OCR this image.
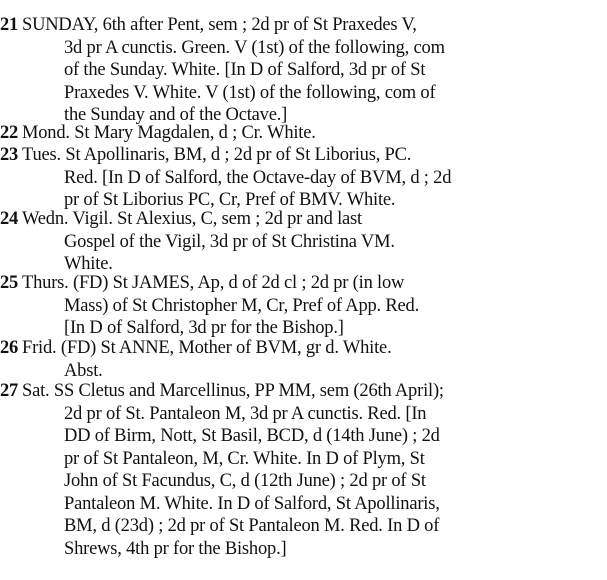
21 SUNDAY, 6th after Pent, sem ; 2d pr of St Praxedes V,
3d pr A cunctis. Green. V (1st) of the following, com
of the Sunday. White. [In D of Salford, 3d pr of St
Praxedes V. White. V (1st) of the following, com of
the Sunday and of the Octave.]
22 Mond. St Mary Magdalen, d ; Cr. White.
23 Tues. St Apollinaris, BM, d ; 2d pr of St Liborius, PC.
Red. [In D of Salford, the Octave-day of BVM, d ; 2d
pr of St Liborius PC, Cr, Pref of BMV. White.
24 Wedn. Vigil. St Alexius, C, sem ; 2d pr and last
Gospel of the Vigil, 3d pr of St Christina VM.
White.
25 Thurs. (FD) St JAMES, Ap, d of 2d cl ; 2d pr (in low
Mass) of St Christopher M, Cr, Pref of App. Red.
[In D of Salford, 3d pr for the Bishop.]
26 Frid. (FD) St ANNE, Mother of BVM, gr d. White.
Abst.
27 Sat. SS Cletus and Marcellinus, PP MM, sem (26th April);
2d pr of St. Pantaleon M, 3d pr A cunctis. Red. [In
DD of Birm, Nott, St Basil, BCD, d (14th June) ; 2d
pr of St Pantaleon, M, Cr. White. In D of Plym, St
John of St Facundus, C, d (12th June) ; 2d pr of St
Pantaleon M. White. In D of Salford, St Apollinaris,
BM, d (23d) ; 2d pr of St Pantaleon M. Red. In D of
Shrews, 4th pr for the Bishop.]
